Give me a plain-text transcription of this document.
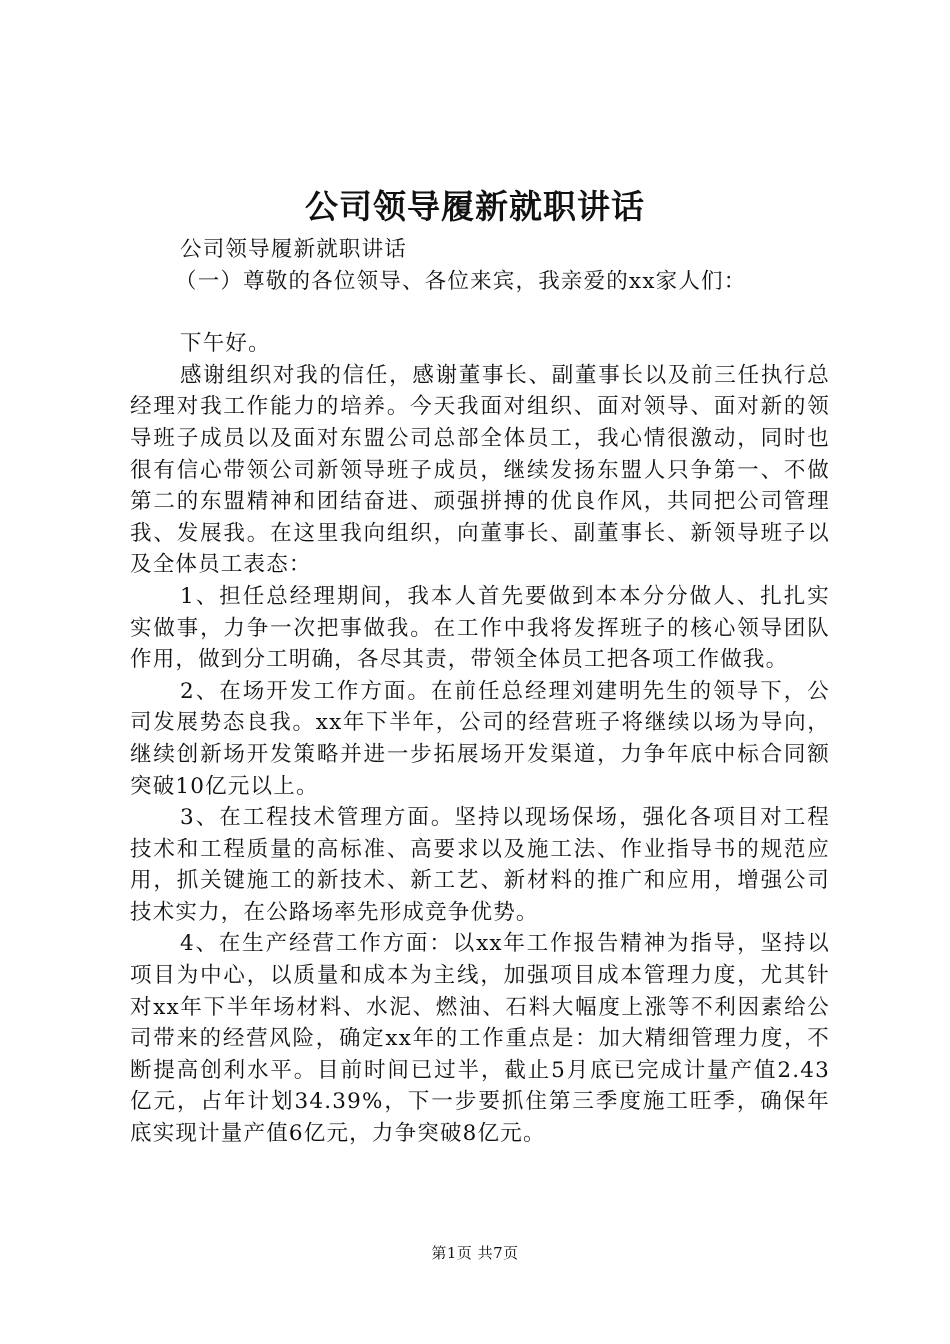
公司领导履新就职讲话

公司领导履新就职讲话

（一）尊敬的各位领导、各位来宾，我亲爱的xx家人们：

下午好。

感谢组织对我的信任，感谢董事长、副董事长以及前三任执行总经理对我工作能力的培养。今天我面对组织、面对领导、面对新的领导班子成员以及面对东盟公司总部全体员工，我心情很激动，同时也很有信心带领公司新领导班子成员，继续发扬东盟人只争第一、不做第二的东盟精神和团结奋进、顽强拼搏的优良作风，共同把公司管理我、发展我。在这里我向组织，向董事长、副董事长、新领导班子以及全体员工表态：

1、担任总经理期间，我本人首先要做到本本分分做人、扎扎实实做事，力争一次把事做我。在工作中我将发挥班子的核心领导团队作用，做到分工明确，各尽其责，带领全体员工把各项工作做我。

2、在场开发工作方面。在前任总经理刘建明先生的领导下，公司发展势态良我。xx年下半年，公司的经营班子将继续以场为导向，继续创新场开发策略并进一步拓展场开发渠道，力争年底中标合同额突破10亿元以上。

3、在工程技术管理方面。坚持以现场保场，强化各项目对工程技术和工程质量的高标准、高要求以及施工法、作业指导书的规范应用，抓关键施工的新技术、新工艺、新材料的推广和应用，增强公司技术实力，在公路场率先形成竞争优势。

4、在生产经营工作方面：以xx年工作报告精神为指导，坚持以项目为中心，以质量和成本为主线，加强项目成本管理力度，尤其针对xx年下半年场材料、水泥、燃油、石料大幅度上涨等不利因素给公司带来的经营风险，确定xx年的工作重点是：加大精细管理力度，不断提高创利水平。目前时间已过半，截止5月底已完成计量产值2.43亿元，占年计划34.39%，下一步要抓住第三季度施工旺季，确保年底实现计量产值6亿元，力争突破8亿元。

第1页 共7页
